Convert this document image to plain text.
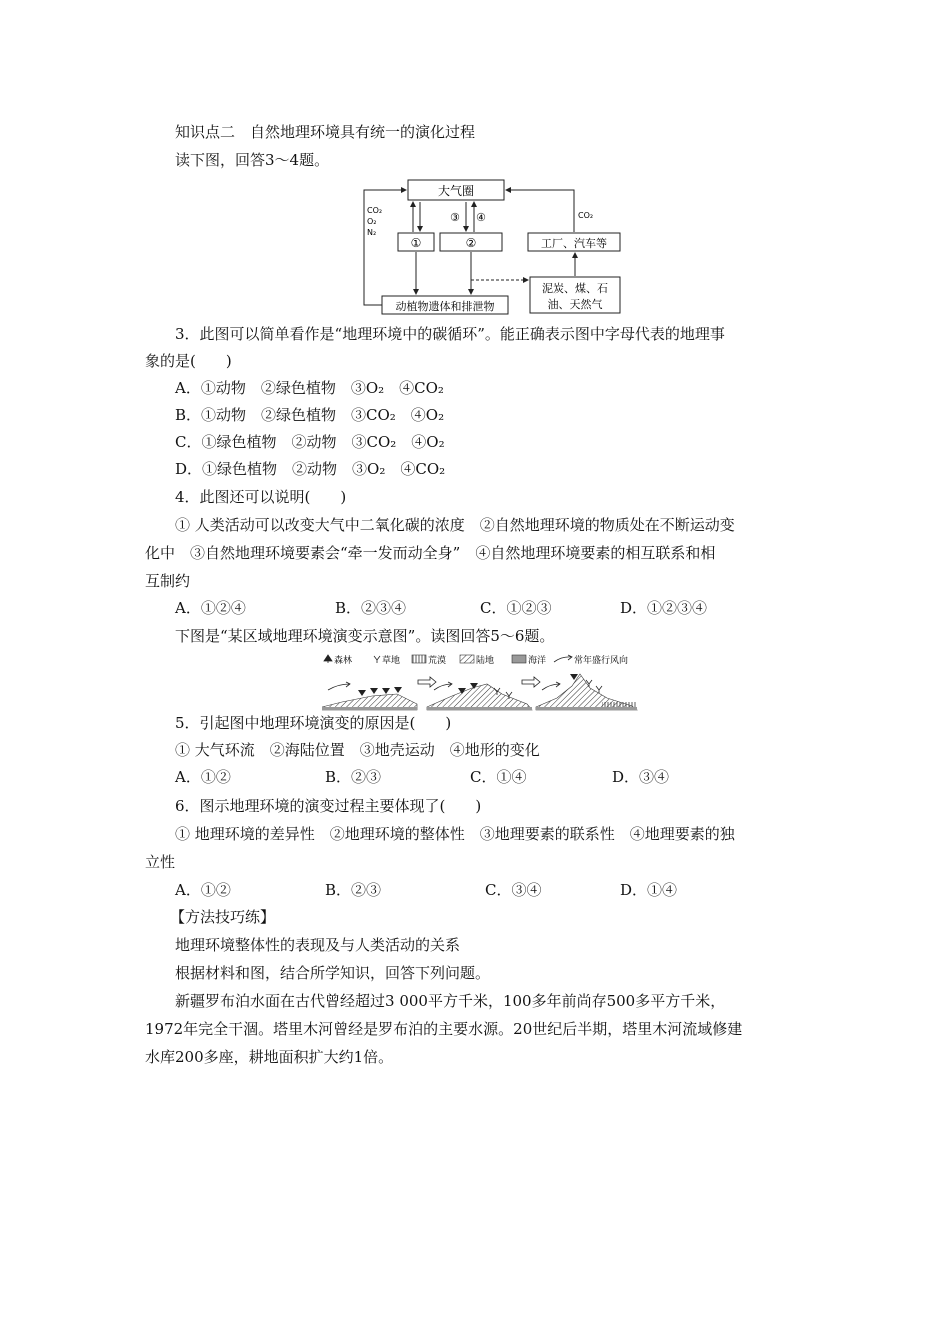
知识点二　自然地理环境具有统一的演化过程
读下图，回答3～4题。
大气圈
①	②	工厂、汽车等
泥炭、煤、石
油、天然气
动植物遗体和排泄物
CO₂
O₂
N₂
③ ④	CO₂
3．此图可以简单看作是“地理环境中的碳循环”。能正确表示图中字母代表的地理事
象的是(　　)
A．①动物　②绿色植物　③O₂　④CO₂
B．①动物　②绿色植物　③CO₂　④O₂
C．①绿色植物　②动物　③CO₂　④O₂
D．①绿色植物　②动物　③O₂　④CO₂
4．此图还可以说明(　　)
① 人类活动可以改变大气中二氧化碳的浓度　②自然地理环境的物质处在不断运动变
化中　③自然地理环境要素会“牵一发而动全身”　④自然地理环境要素的相互联系和相
互制约
A．①②④	B．②③④	C．①②③	D．①②③④
下图是“某区域地理环境演变示意图”。读图回答5～6题。
森林	草地	荒漠	陆地	海洋	常年盛行风向
5．引起图中地理环境演变的原因是(　　)
① 大气环流　②海陆位置　③地壳运动　④地形的变化
A．①②	B．②③	C．①④	D．③④
6．图示地理环境的演变过程主要体现了(　　)
① 地理环境的差异性　②地理环境的整体性　③地理要素的联系性　④地理要素的独
立性
A．①②	B．②③	C．③④	D．①④
【方法技巧练】
地理环境整体性的表现及与人类活动的关系
根据材料和图，结合所学知识，回答下列问题。
新疆罗布泊水面在古代曾经超过3 000平方千米，100多年前尚存500多平方千米，
1972年完全干涸。塔里木河曾经是罗布泊的主要水源。20世纪后半期，塔里木河流域修建
水库200多座，耕地面积扩大约1倍。
